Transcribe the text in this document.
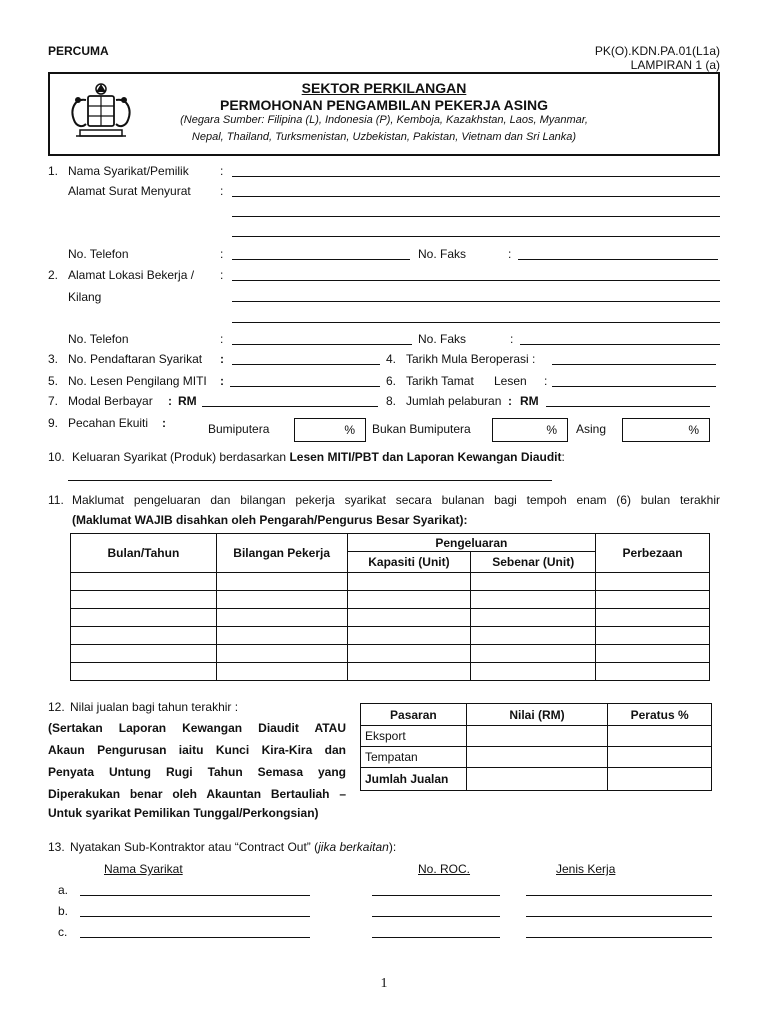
PERCUMA	PK(O).KDN.PA.01(L1a)
LAMPIRAN 1 (a)
SEKTOR PERKILANGAN
PERMOHONAN PENGAMBILAN PEKERJA ASING
(Negara Sumber: Filipina (L), Indonesia (P), Kemboja, Kazakhstan, Laos, Myanmar,
Nepal, Thailand, Turksmenistan, Uzbekistan, Pakistan, Vietnam dan Sri Lanka)
1. Nama Syarikat/Pemilik	:
Alamat Surat Menyurat :
No. Telefon	:	No. Faks	:
2. Alamat Lokasi Bekerja / :
Kilang
No. Telefon	:	No. Faks	:
3. No. Pendaftaran Syarikat :	4. Tarikh Mula Beroperasi :
5. No. Lesen Pengilang MITI :	6. Tarikh Tamat Lesen :
7. Modal Berbayar : RM	8. Jumlah pelaburan : RM
9. Pecahan Ekuiti :	Bumiputera	% Bukan Bumiputera	% Asing	%
10. Keluaran Syarikat (Produk) berdasarkan Lesen MITI/PBT dan Laporan Kewangan Diaudit:
11. Maklumat pengeluaran dan bilangan pekerja syarikat secara bulanan bagi tempoh enam (6) bulan terakhir
(Maklumat WAJIB disahkan oleh Pengarah/Pengurus Besar Syarikat):
Bulan/Tahun	Bilangan Pekerja	Pengeluaran		Perbezaan
		Kapasiti (Unit)	Sebenar (Unit)	

12. Nilai jualan bagi tahun terakhir :
(Sertakan Laporan Kewangan Diaudit ATAU
Akaun Pengurusan iaitu Kunci Kira-Kira dan
Penyata Untung Rugi Tahun Semasa yang
Diperakukan benar oleh Akauntan Bertauliah –
Untuk syarikat Pemilikan Tunggal/Perkongsian)
Pasaran	Nilai (RM)	Peratus %
Eksport		
Tempatan		
Jumlah Jualan		
13. Nyatakan Sub-Kontraktor atau “Contract Out” (jika berkaitan):
Nama Syarikat	No. ROC.	Jenis Kerja
a.
b.
c.
1
